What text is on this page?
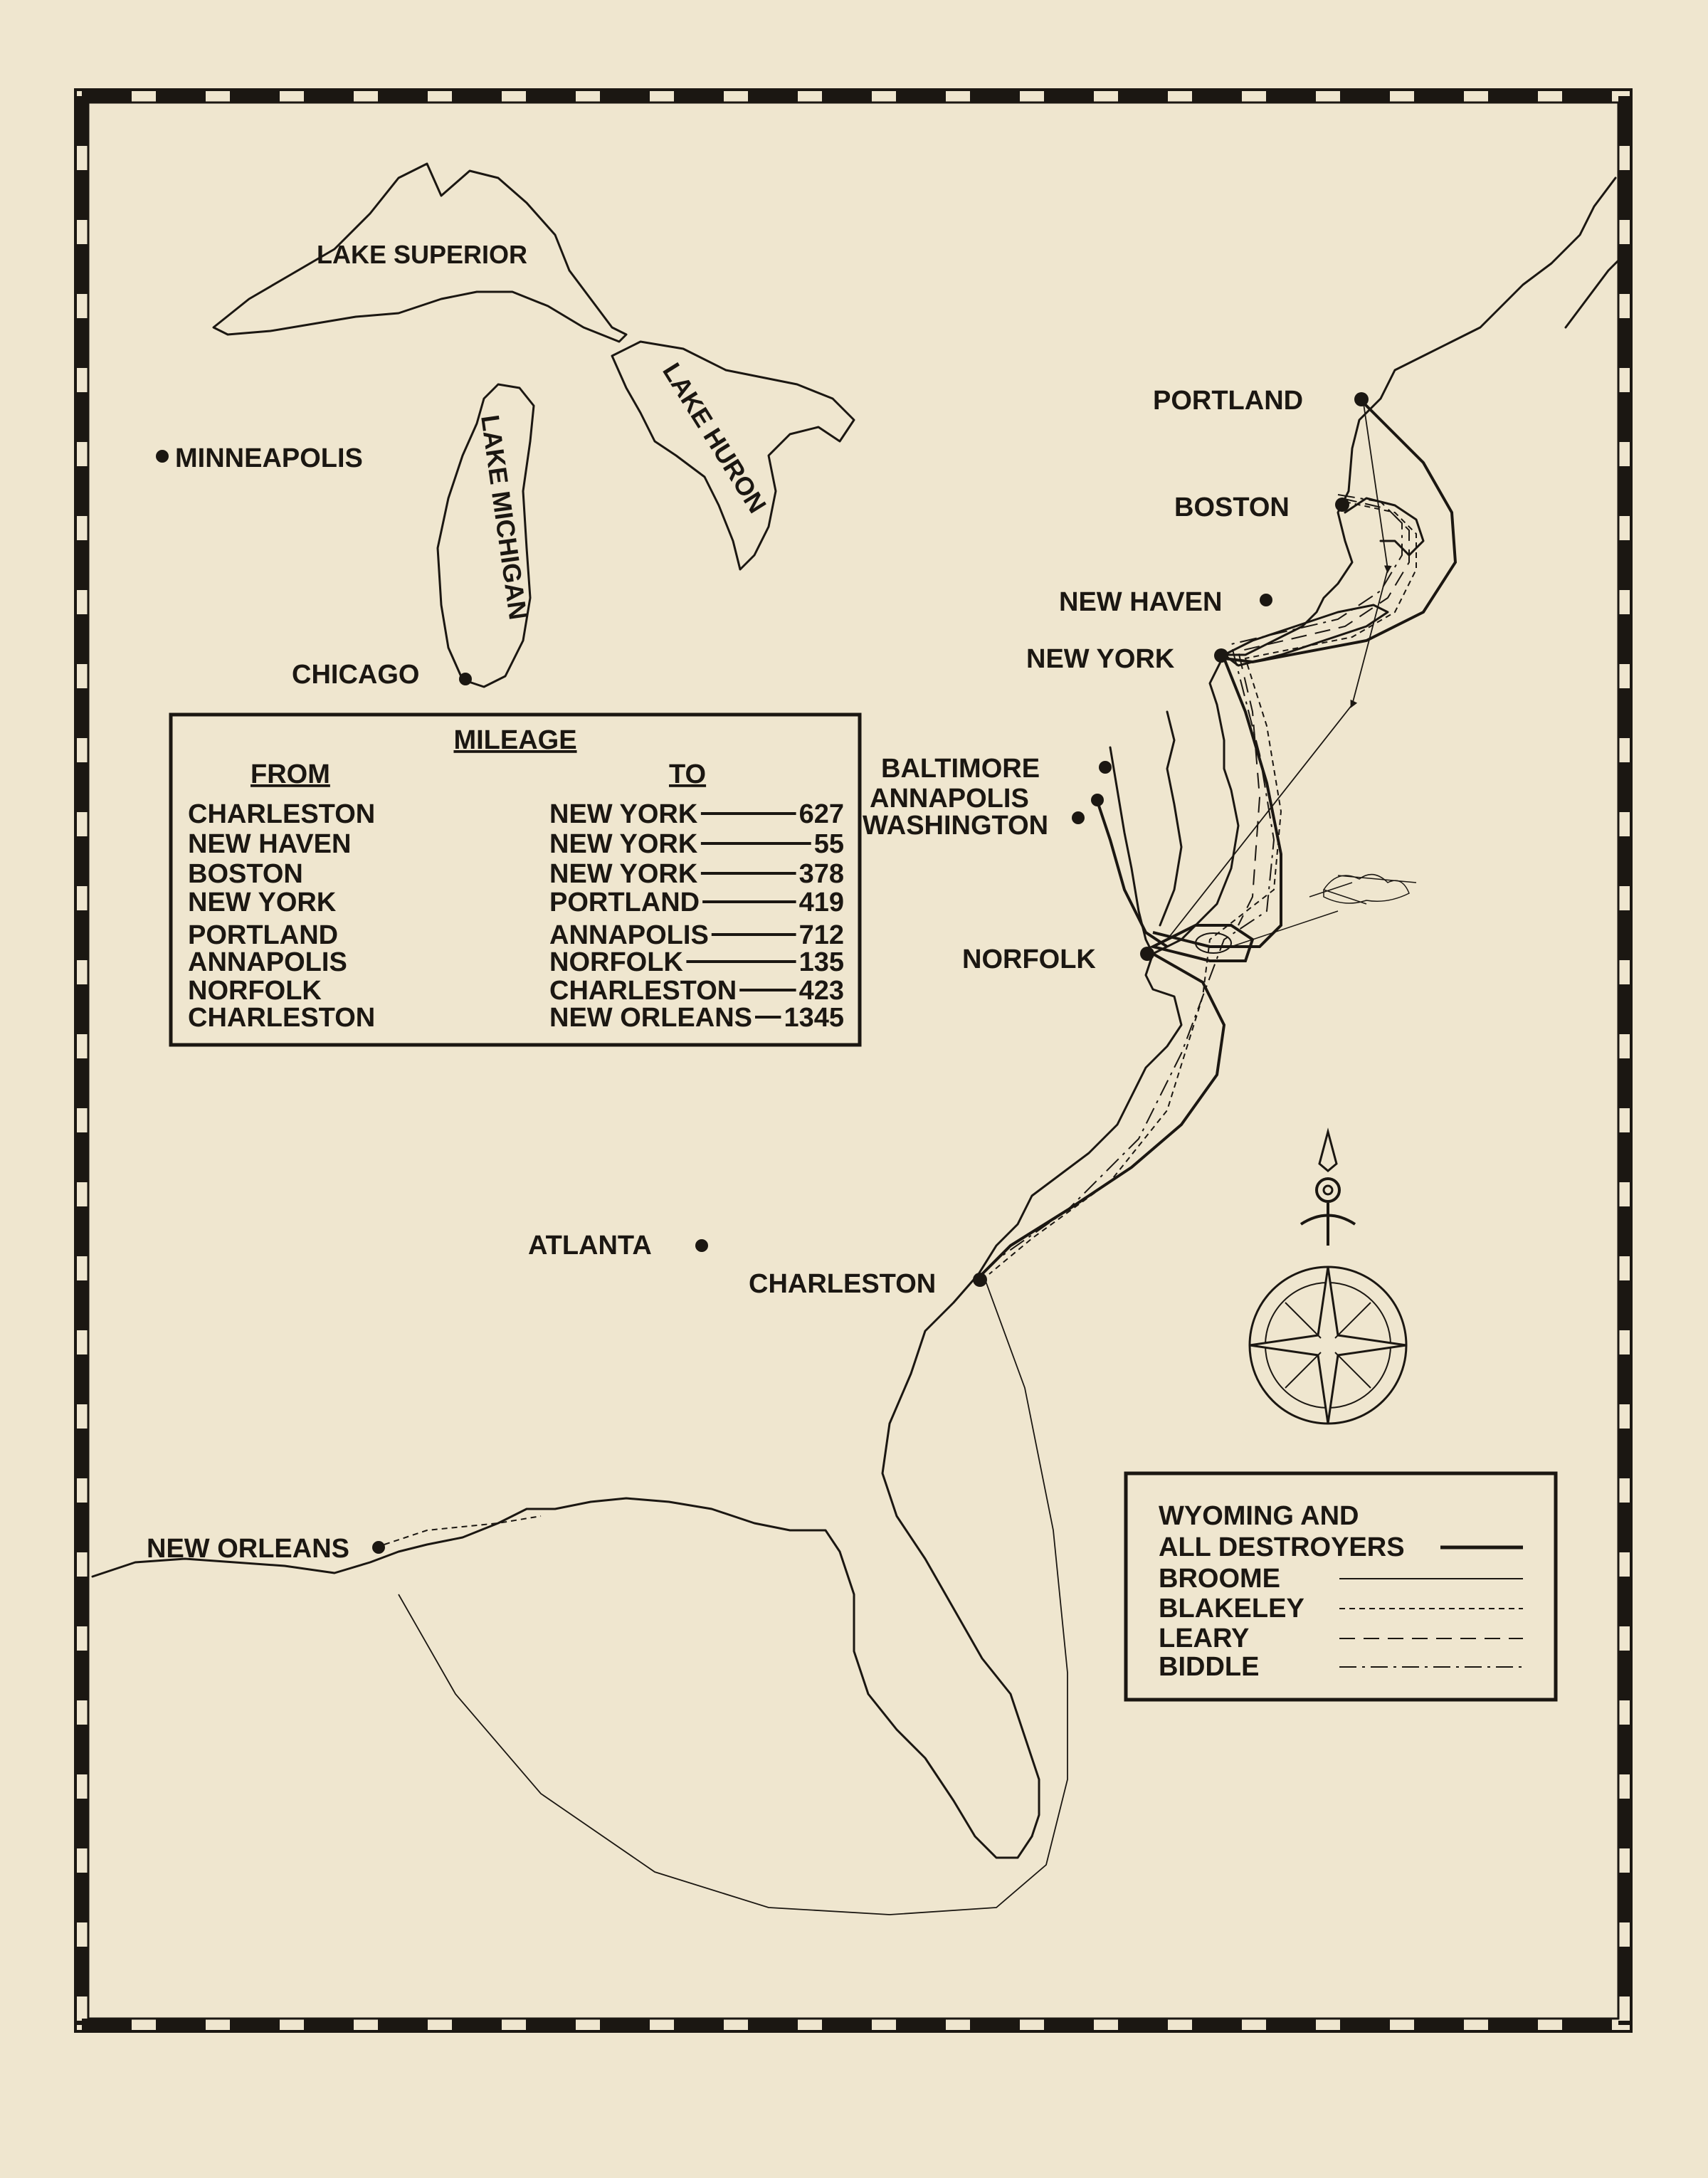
LAKE SUPERIOR
LAKE MICHIGAN	LAKE HURON
MINNEAPOLIS
CHICAGO
PORTLAND
BOSTON
NEW HAVEN
NEW YORK
BALTIMORE
ANNAPOLIS
WASHINGTON
NORFOLK
ATLANTA
CHARLESTON
NEW ORLEANS
MILEAGE
FROM	TO
CHARLESTON	NEW YORK	627
NEW HAVEN	NEW YORK	55
BOSTON	NEW YORK	378
NEW YORK	PORTLAND	419
PORTLAND	ANNAPOLIS	712
ANNAPOLIS	NORFOLK	135
NORFOLK	CHARLESTON 423
CHARLESTON	NEW ORLEANS 1345
WYOMING AND
ALL DESTROYERS
BROOME
BLAKELEY
LEARY
BIDDLE
